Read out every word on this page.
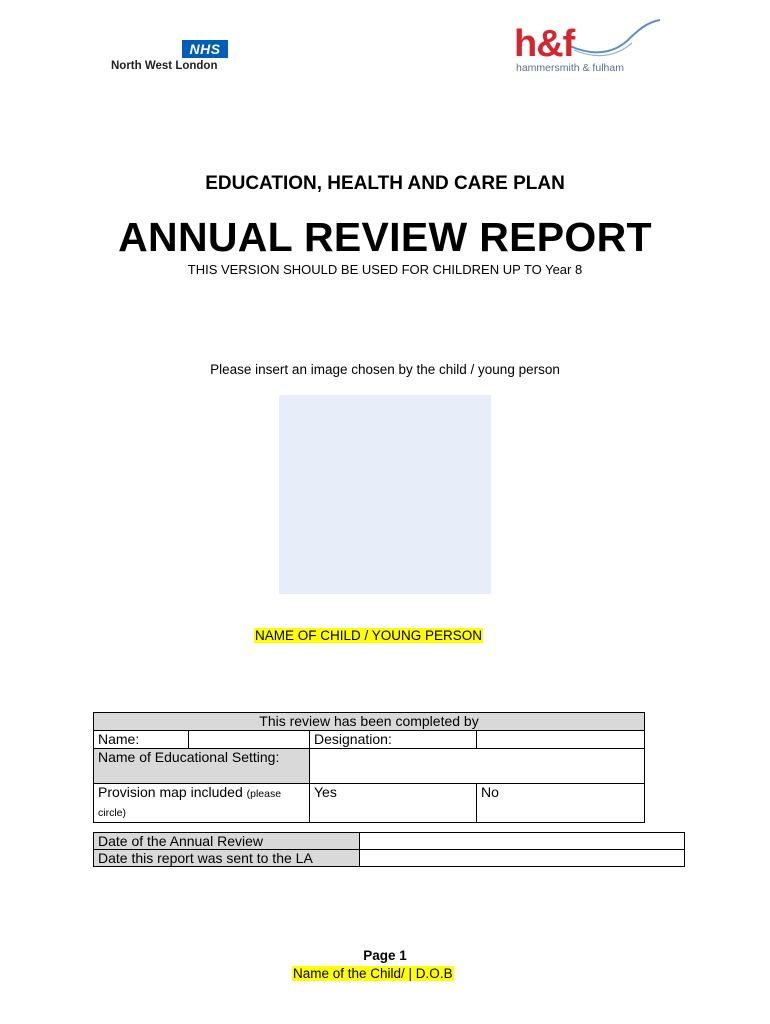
NHS
North West London
h&f
hammersmith & fulham
EDUCATION, HEALTH AND CARE PLAN
ANNUAL REVIEW REPORT
THIS VERSION SHOULD BE USED FOR CHILDREN UP TO Year 8
Please insert an image chosen by the child / young person
NAME OF CHILD / YOUNG PERSON
This review has been completed by			
Name:		Designation:	
Name of Educational Setting:			
Provision map included (please circle)		Yes	No
Date of the Annual Review	
Date this report was sent to the LA	
Page 1
Name of the Child/ | D.O.B
